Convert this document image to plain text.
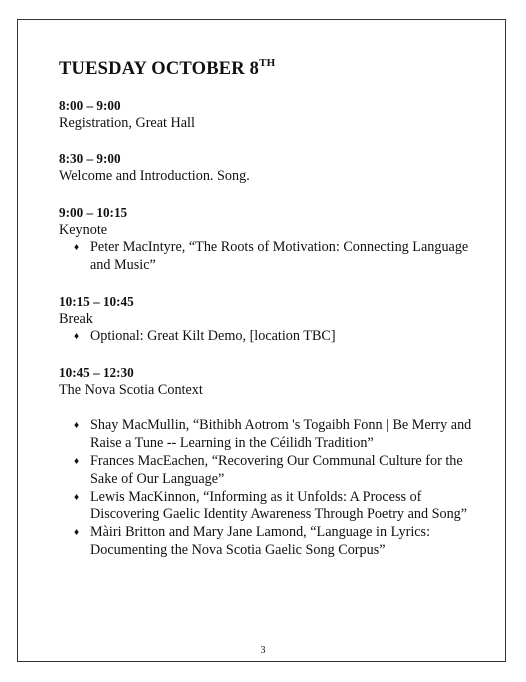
TUESDAY OCTOBER 8TH
8:00 – 9:00
Registration, Great Hall
8:30 – 9:00
Welcome and Introduction. Song.
9:00 – 10:15
Keynote
♦ Peter MacIntyre, “The Roots of Motivation: Connecting Language and Music”
10:15 – 10:45
Break
♦ Optional: Great Kilt Demo, [location TBC]
10:45 – 12:30
The Nova Scotia Context
♦ Shay MacMullin, “Bithibh Aotrom 's Togaibh Fonn | Be Merry and Raise a Tune -- Learning in the Céilidh Tradition”
♦ Frances MacEachen, “Recovering Our Communal Culture for the Sake of Our Language”
♦ Lewis MacKinnon, “Informing as it Unfolds: A Process of Discovering Gaelic Identity Awareness Through Poetry and Song”
♦ Màiri Britton and Mary Jane Lamond, “Language in Lyrics: Documenting the Nova Scotia Gaelic Song Corpus”
3
